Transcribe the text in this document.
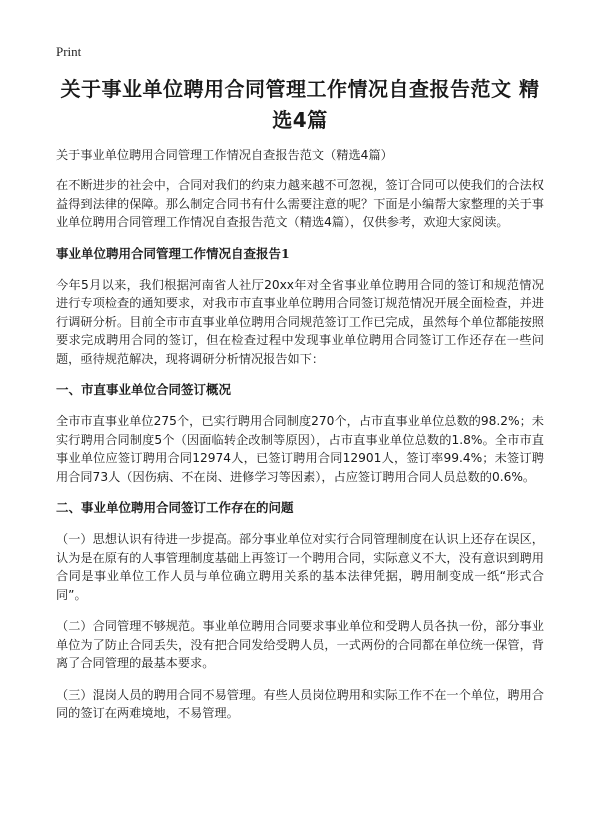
Print
关于事业单位聘用合同管理工作情况自查报告范文 精选4篇

关于事业单位聘用合同管理工作情况自查报告范文（精选4篇）

在不断进步的社会中，合同对我们的约束力越来越不可忽视，签订合同可以使我们的合法权益得到法律的保障。那么制定合同书有什么需要注意的呢？下面是小编帮大家整理的关于事业单位聘用合同管理工作情况自查报告范文（精选4篇），仅供参考，欢迎大家阅读。

事业单位聘用合同管理工作情况自查报告1

今年5月以来，我们根据河南省人社厅20xx年对全省事业单位聘用合同的签订和规范情况进行专项检查的通知要求，对我市市直事业单位聘用合同签订规范情况开展全面检查，并进行调研分析。目前全市市直事业单位聘用合同规范签订工作已完成，虽然每个单位都能按照要求完成聘用合同的签订，但在检查过程中发现事业单位聘用合同签订工作还存在一些问题，亟待规范解决，现将调研分析情况报告如下：

一、市直事业单位合同签订概况

全市市直事业单位275个，已实行聘用合同制度270个，占市直事业单位总数的98.2%；未实行聘用合同制度5个（因面临转企改制等原因），占市直事业单位总数的1.8%。全市市直事业单位应签订聘用合同12974人，已签订聘用合同12901人，签订率99.4%；未签订聘用合同73人（因伤病、不在岗、进修学习等因素），占应签订聘用合同人员总数的0.6%。

二、事业单位聘用合同签订工作存在的问题

（一）思想认识有待进一步提高。部分事业单位对实行合同管理制度在认识上还存在误区，认为是在原有的人事管理制度基础上再签订一个聘用合同，实际意义不大，没有意识到聘用合同是事业单位工作人员与单位确立聘用关系的基本法律凭据，聘用制变成一纸“形式合同”。

（二）合同管理不够规范。事业单位聘用合同要求事业单位和受聘人员各执一份，部分事业单位为了防止合同丢失，没有把合同发给受聘人员，一式两份的合同都在单位统一保管，背离了合同管理的最基本要求。

（三）混岗人员的聘用合同不易管理。有些人员岗位聘用和实际工作不在一个单位，聘用合同的签订在两难境地，不易管理。
